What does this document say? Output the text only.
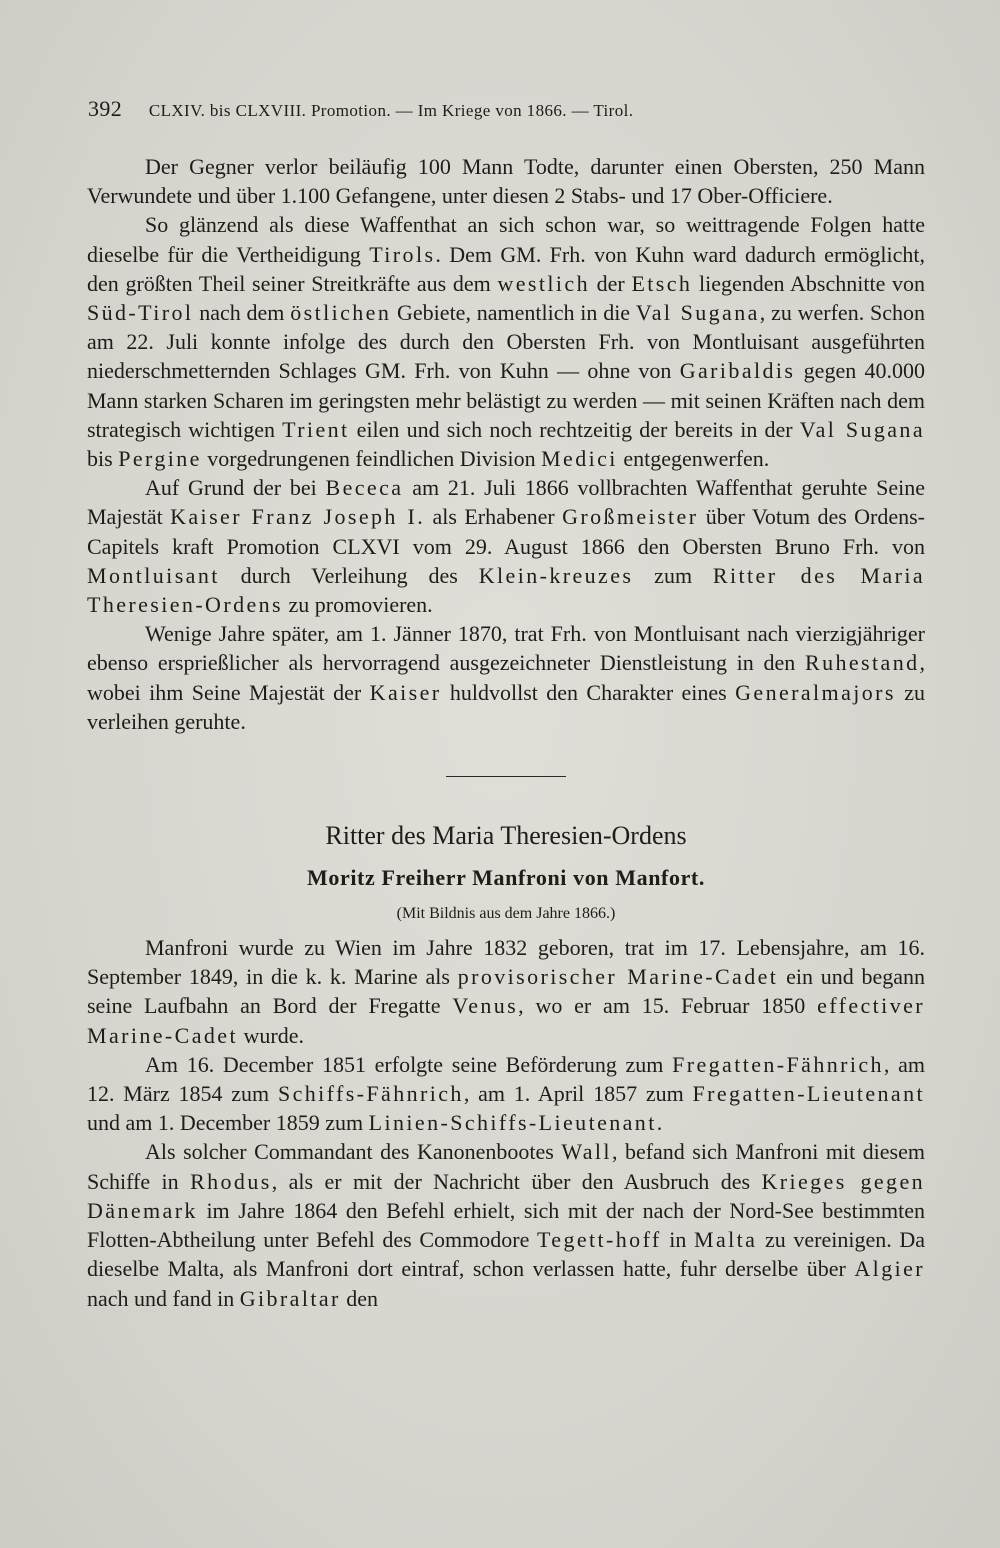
392 CLXIV. bis CLXVIII. Promotion. — Im Kriege von 1866. — Tirol.

Der Gegner verlor beiläufig 100 Mann Todte, darunter einen Obersten, 250 Mann Verwundete und über 1.100 Gefangene, unter diesen 2 Stabs- und 17 Ober-Officiere.

So glänzend als diese Waffenthat an sich schon war, so weittragende Folgen hatte dieselbe für die Vertheidigung Tirols. Dem GM. Frh. von Kuhn ward dadurch ermöglicht, den größten Theil seiner Streitkräfte aus dem westlich der Etsch liegenden Abschnitte von Süd-Tirol nach dem östlichen Gebiete, namentlich in die Val Sugana, zu werfen. Schon am 22. Juli konnte infolge des durch den Obersten Frh. von Montluisant ausgeführten niederschmetternden Schlages GM. Frh. von Kuhn — ohne von Garibaldis gegen 40.000 Mann starken Scharen im geringsten mehr belästigt zu werden — mit seinen Kräften nach dem strategisch wichtigen Trient eilen und sich noch rechtzeitig der bereits in der Val Sugana bis Pergine vorgedrungenen feindlichen Division Medici entgegenwerfen.

Auf Grund der bei Bececa am 21. Juli 1866 vollbrachten Waffenthat geruhte Seine Majestät Kaiser Franz Joseph I. als Erhabener Großmeister über Votum des Ordens-Capitels kraft Promotion CLXVI vom 29. August 1866 den Obersten Bruno Frh. von Montluisant durch Verleihung des Klein-kreuzes zum Ritter des Maria Theresien-Ordens zu promovieren.

Wenige Jahre später, am 1. Jänner 1870, trat Frh. von Montluisant nach vierzigjähriger ebenso ersprießlicher als hervorragend ausgezeichneter Dienstleistung in den Ruhestand, wobei ihm Seine Majestät der Kaiser huldvollst den Charakter eines Generalmajors zu verleihen geruhte.

Ritter des Maria Theresien-Ordens
Moritz Freiherr Manfroni von Manfort.
(Mit Bildnis aus dem Jahre 1866.)

Manfroni wurde zu Wien im Jahre 1832 geboren, trat im 17. Lebensjahre, am 16. September 1849, in die k. k. Marine als provisorischer Marine-Cadet ein und begann seine Laufbahn an Bord der Fregatte Venus, wo er am 15. Februar 1850 effectiver Marine-Cadet wurde.

Am 16. December 1851 erfolgte seine Beförderung zum Fregatten-Fähnrich, am 12. März 1854 zum Schiffs-Fähnrich, am 1. April 1857 zum Fregatten-Lieutenant und am 1. December 1859 zum Linien-Schiffs-Lieutenant.

Als solcher Commandant des Kanonenbootes Wall, befand sich Manfroni mit diesem Schiffe in Rhodus, als er mit der Nachricht über den Ausbruch des Krieges gegen Dänemark im Jahre 1864 den Befehl erhielt, sich mit der nach der Nord-See bestimmten Flotten-Abtheilung unter Befehl des Commodore Tegett-hoff in Malta zu vereinigen. Da dieselbe Malta, als Manfroni dort eintraf, schon verlassen hatte, fuhr derselbe über Algier nach und fand in Gibraltar den
